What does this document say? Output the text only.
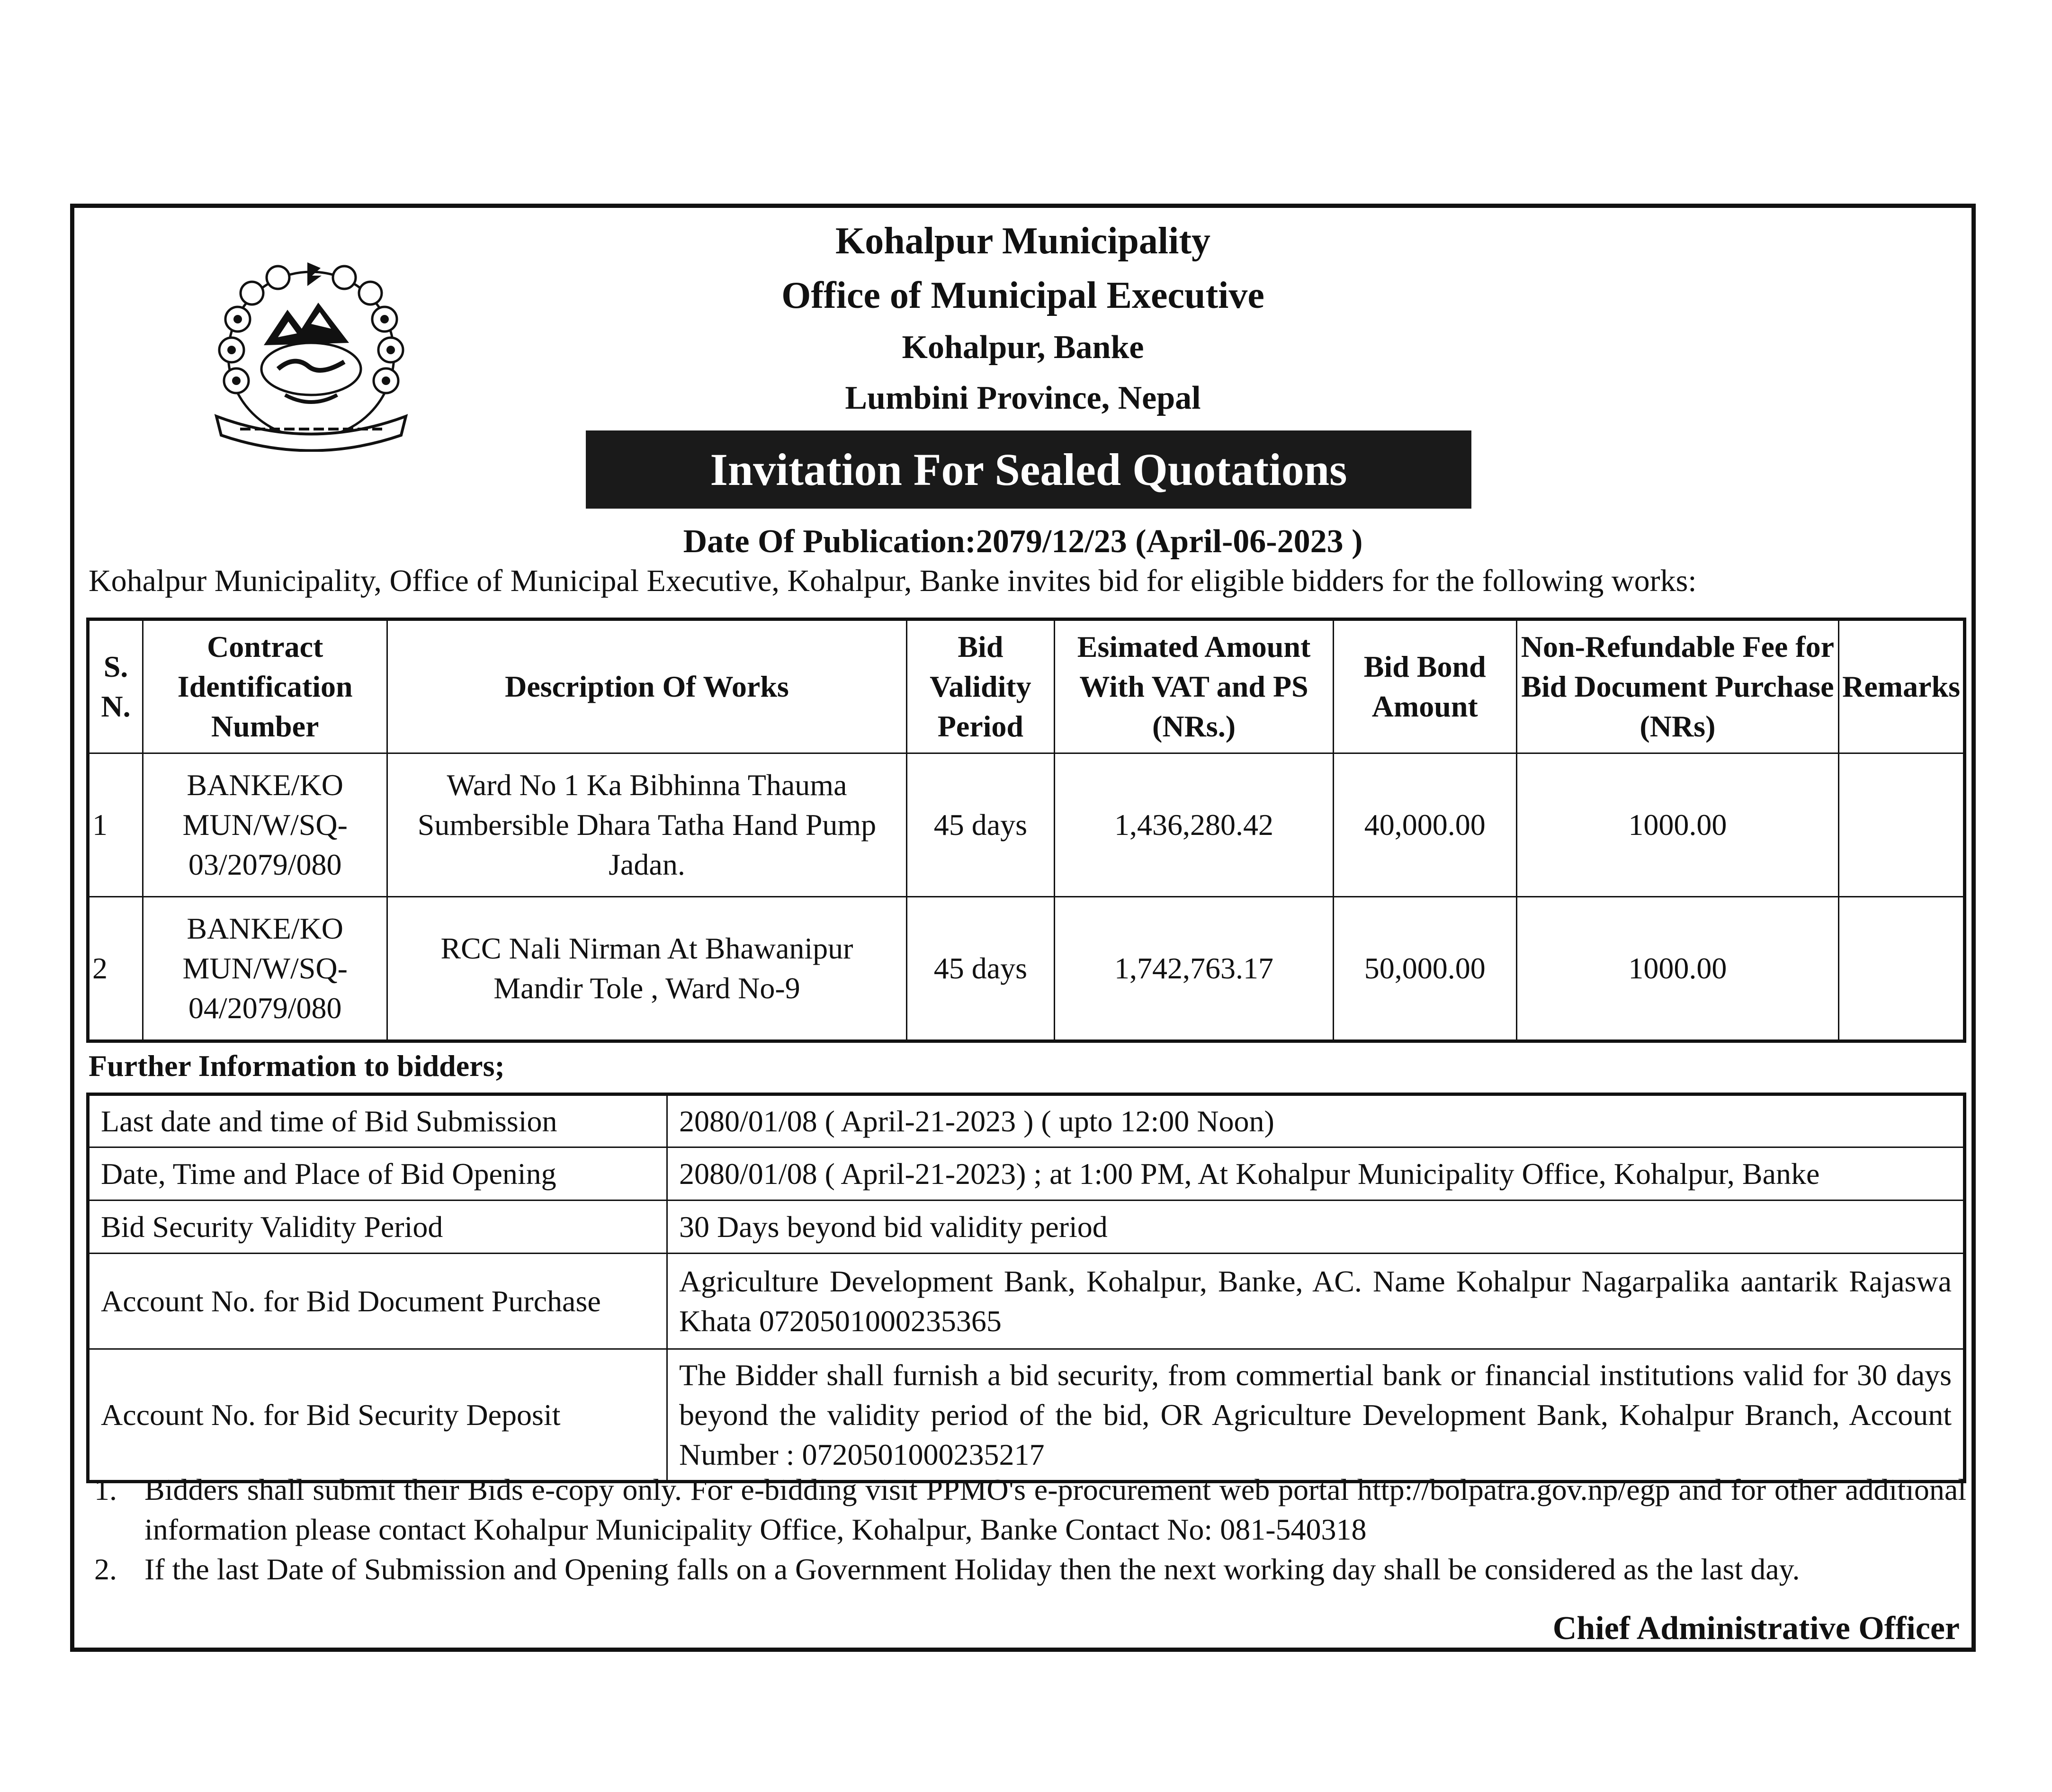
Kohalpur Municipality
Office of Municipal Executive
Kohalpur, Banke
Lumbini Province, Nepal
Invitation For Sealed Quotations
Date Of Publication:2079/12/23 (April-06-2023 )
Kohalpur Municipality, Office of Municipal Executive, Kohalpur, Banke invites bid for eligible bidders for the following works:
S. N.	Contract Identification Number	Description Of Works	Bid Validity Period	Esimated Amount With VAT and PS (NRs.)	Bid Bond Amount	Non-Refundable Fee for Bid Document Purchase (NRs)	Remarks
1	BANKE/KO MUN/W/SQ- 03/2079/080	Ward No 1 Ka Bibhinna Thauma Sumbersible Dhara Tatha Hand Pump Jadan.	45 days	1,436,280.42	40,000.00	1000.00	
2	BANKE/KO MUN/W/SQ- 04/2079/080	RCC Nali Nirman At Bhawanipur Mandir Tole , Ward No-9	45 days	1,742,763.17	50,000.00	1000.00	
Further Information to bidders;
Last date and time of Bid Submission	2080/01/08 ( April-21-2023 ) ( upto 12:00 Noon)
Date, Time and Place of Bid Opening	2080/01/08 ( April-21-2023) ; at 1:00 PM, At Kohalpur Municipality Office, Kohalpur, Banke
Bid Security Validity Period	30 Days beyond bid validity period
Account No. for Bid Document Purchase	Agriculture Development Bank, Kohalpur, Banke, AC. Name Kohalpur Nagarpalika aantarik Rajaswa Khata 0720501000235365
Account No. for Bid Security Deposit	The Bidder shall furnish a bid security, from commertial bank or financial institutions valid for 30 days beyond the validity period of the bid, OR Agriculture Development Bank, Kohalpur Branch, Account Number : 0720501000235217
1. Bidders shall submit their Bids e-copy only. For e-bidding visit PPMO's e-procurement web portal http://bolpatra.gov.np/egp and for other additional information please contact Kohalpur Municipality Office, Kohalpur, Banke Contact No: 081-540318
2. If the last Date of Submission and Opening falls on a Government Holiday then the next working day shall be considered as the last day.
Chief Administrative Officer
